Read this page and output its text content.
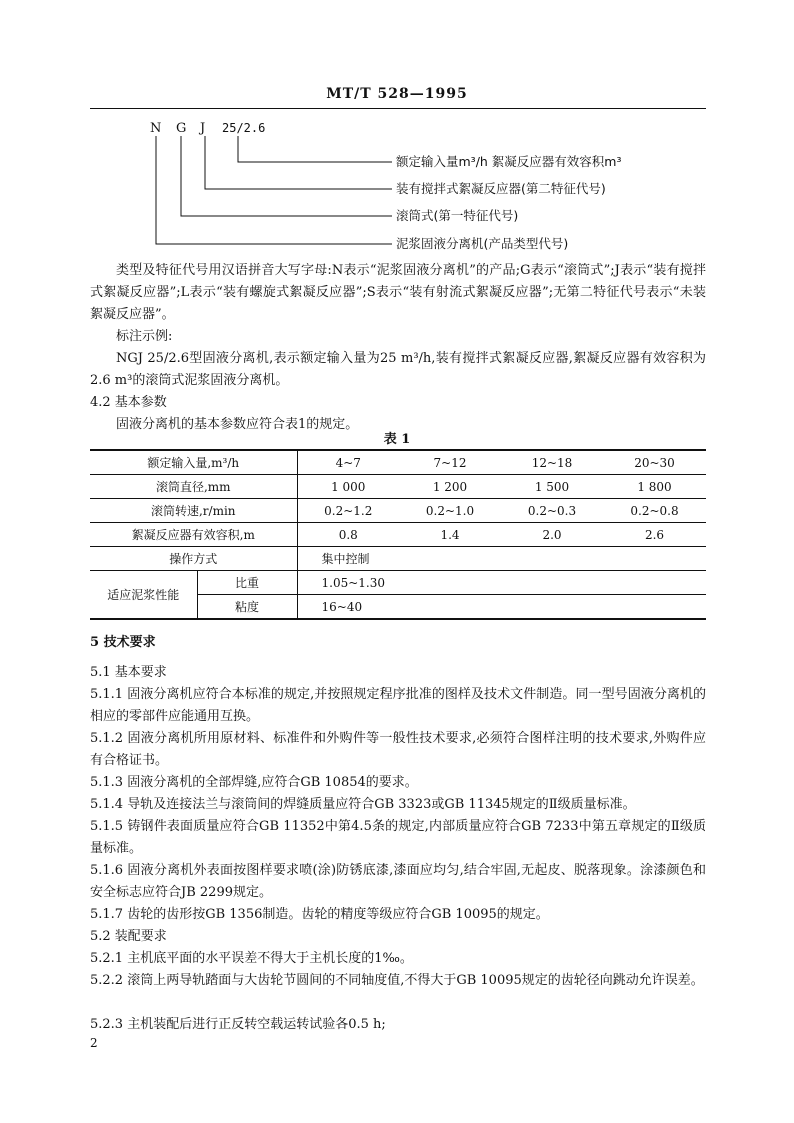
MT/T 528—1995
N G J 25/2.6
额定输入量m³/h 絮凝反应器有效容积m³
装有搅拌式絮凝反应器(第二特征代号)
滚筒式(第一特征代号)
泥浆固液分离机(产品类型代号)
类型及特征代号用汉语拼音大写字母:N表示“泥浆固液分离机”的产品;G表示“滚筒式”;J表示“装有搅拌式絮凝反应器”;L表示“装有螺旋式絮凝反应器”;S表示“装有射流式絮凝反应器”;无第二特征代号表示“未装絮凝反应器”。
标注示例:
NGJ 25/2.6型固液分离机,表示额定输入量为25 m³/h,装有搅拌式絮凝反应器,絮凝反应器有效容积为2.6 m³的滚筒式泥浆固液分离机。
4.2 基本参数
固液分离机的基本参数应符合表1的规定。
表 1
额定输入量,m³/h		4~7	7~12	12~18	20~30
滚筒直径,mm		1 000	1 200	1 500	1 800
滚筒转速,r/min		0.2~1.2	0.2~1.0	0.2~0.3	0.2~0.8
絮凝反应器有效容积,m		0.8	1.4	2.0	2.6
操作方式		集中控制			
适应泥浆性能	比重	1.05~1.30			
	粘度	16~40			
5 技术要求
5.1 基本要求
5.1.1 固液分离机应符合本标准的规定,并按照规定程序批准的图样及技术文件制造。同一型号固液分离机的相应的零部件应能通用互换。
5.1.2 固液分离机所用原材料、标准件和外购件等一般性技术要求,必须符合图样注明的技术要求,外购件应有合格证书。
5.1.3 固液分离机的全部焊缝,应符合GB 10854的要求。
5.1.4 导轨及连接法兰与滚筒间的焊缝质量应符合GB 3323或GB 11345规定的Ⅱ级质量标准。
5.1.5 铸钢件表面质量应符合GB 11352中第4.5条的规定,内部质量应符合GB 7233中第五章规定的Ⅱ级质量标准。
5.1.6 固液分离机外表面按图样要求喷(涂)防锈底漆,漆面应均匀,结合牢固,无起皮、脱落现象。涂漆颜色和安全标志应符合JB 2299规定。
5.1.7 齿轮的齿形按GB 1356制造。齿轮的精度等级应符合GB 10095的规定。
5.2 装配要求
5.2.1 主机底平面的水平误差不得大于主机长度的1‰。
5.2.2 滚筒上两导轨踏面与大齿轮节圆间的不同轴度值,不得大于GB 10095规定的齿轮径向跳动允许误差。
5.2.3 主机装配后进行正反转空载运转试验各0.5 h;
2
